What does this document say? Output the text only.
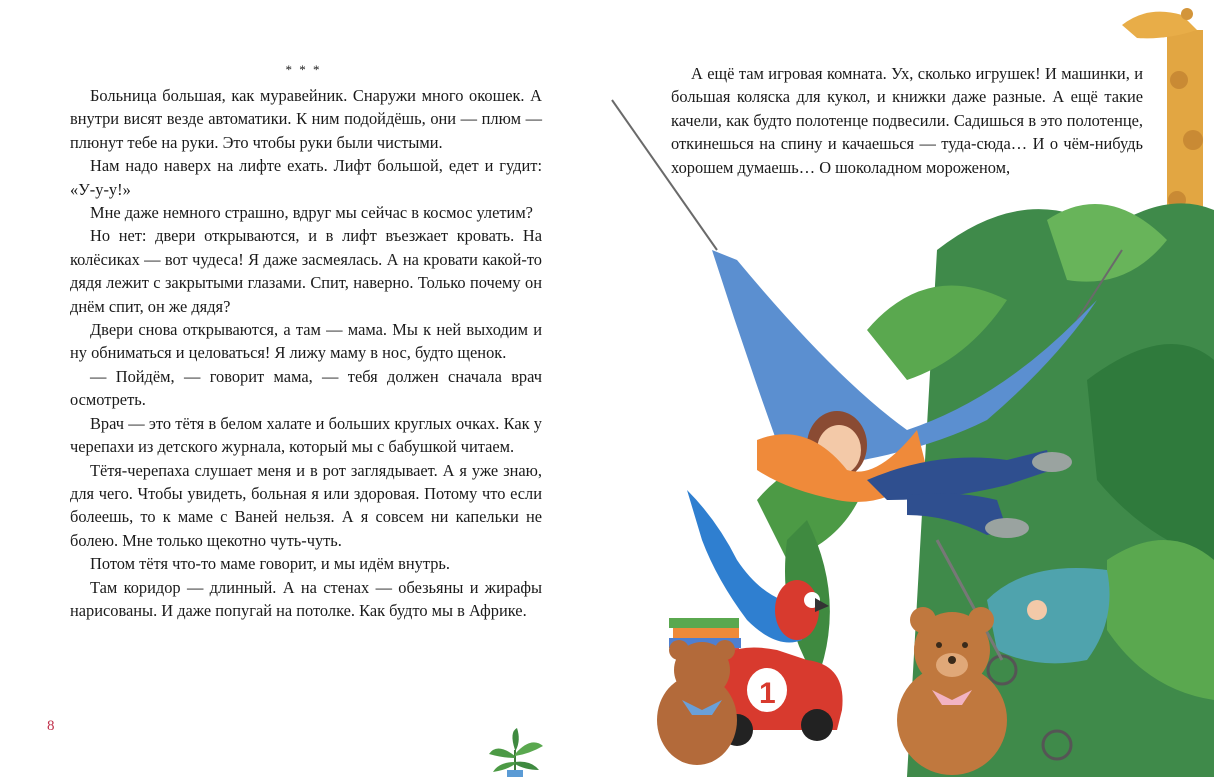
* * *

Больница большая, как муравейник. Снаружи много окошек. А внутри висят везде автоматики. К ним подойдёшь, они — плюм — плюнут тебе на руки. Это чтобы руки были чистыми.

Нам надо наверх на лифте ехать. Лифт большой, едет и гудит: «У-у-у!»

Мне даже немного страшно, вдруг мы сейчас в космос улетим?

Но нет: двери открываются, и в лифт въезжает кровать. На колёсиках — вот чудеса! Я даже засмеялась. А на кровати какой-то дядя лежит с закрытыми глазами. Спит, наверно. Только почему он днём спит, он же дядя?

Двери снова открываются, а там — мама. Мы к ней выходим и ну обниматься и целоваться! Я лижу маму в нос, будто щенок.

— Пойдём, — говорит мама, — тебя должен сначала врач осмотреть.

Врач — это тётя в белом халате и больших круглых очках. Как у черепахи из детского журнала, который мы с бабушкой читаем.

Тётя-черепаха слушает меня и в рот заглядывает. А я уже знаю, для чего. Чтобы увидеть, больная я или здоровая. Потому что если болеешь, то к маме с Ваней нельзя. А я совсем ни капельки не болею. Мне только щекотно чуть-чуть.

Потом тётя что-то маме говорит, и мы идём внутрь.

Там коридор — длинный. А на стенах — обезьяны и жирафы нарисованы. И даже попугай на потолке. Как будто мы в Африке.

8
1

А ещё там игровая комната. Ух, сколько игрушек! И машинки, и большая коляска для кукол, и книжки даже разные. А ещё такие качели, как будто полотенце подвесили. Садишься в это полотенце, откинешься на спину и качаешься — туда-сюда… И о чём-нибудь хорошем думаешь… О шоколадном мороженом,
